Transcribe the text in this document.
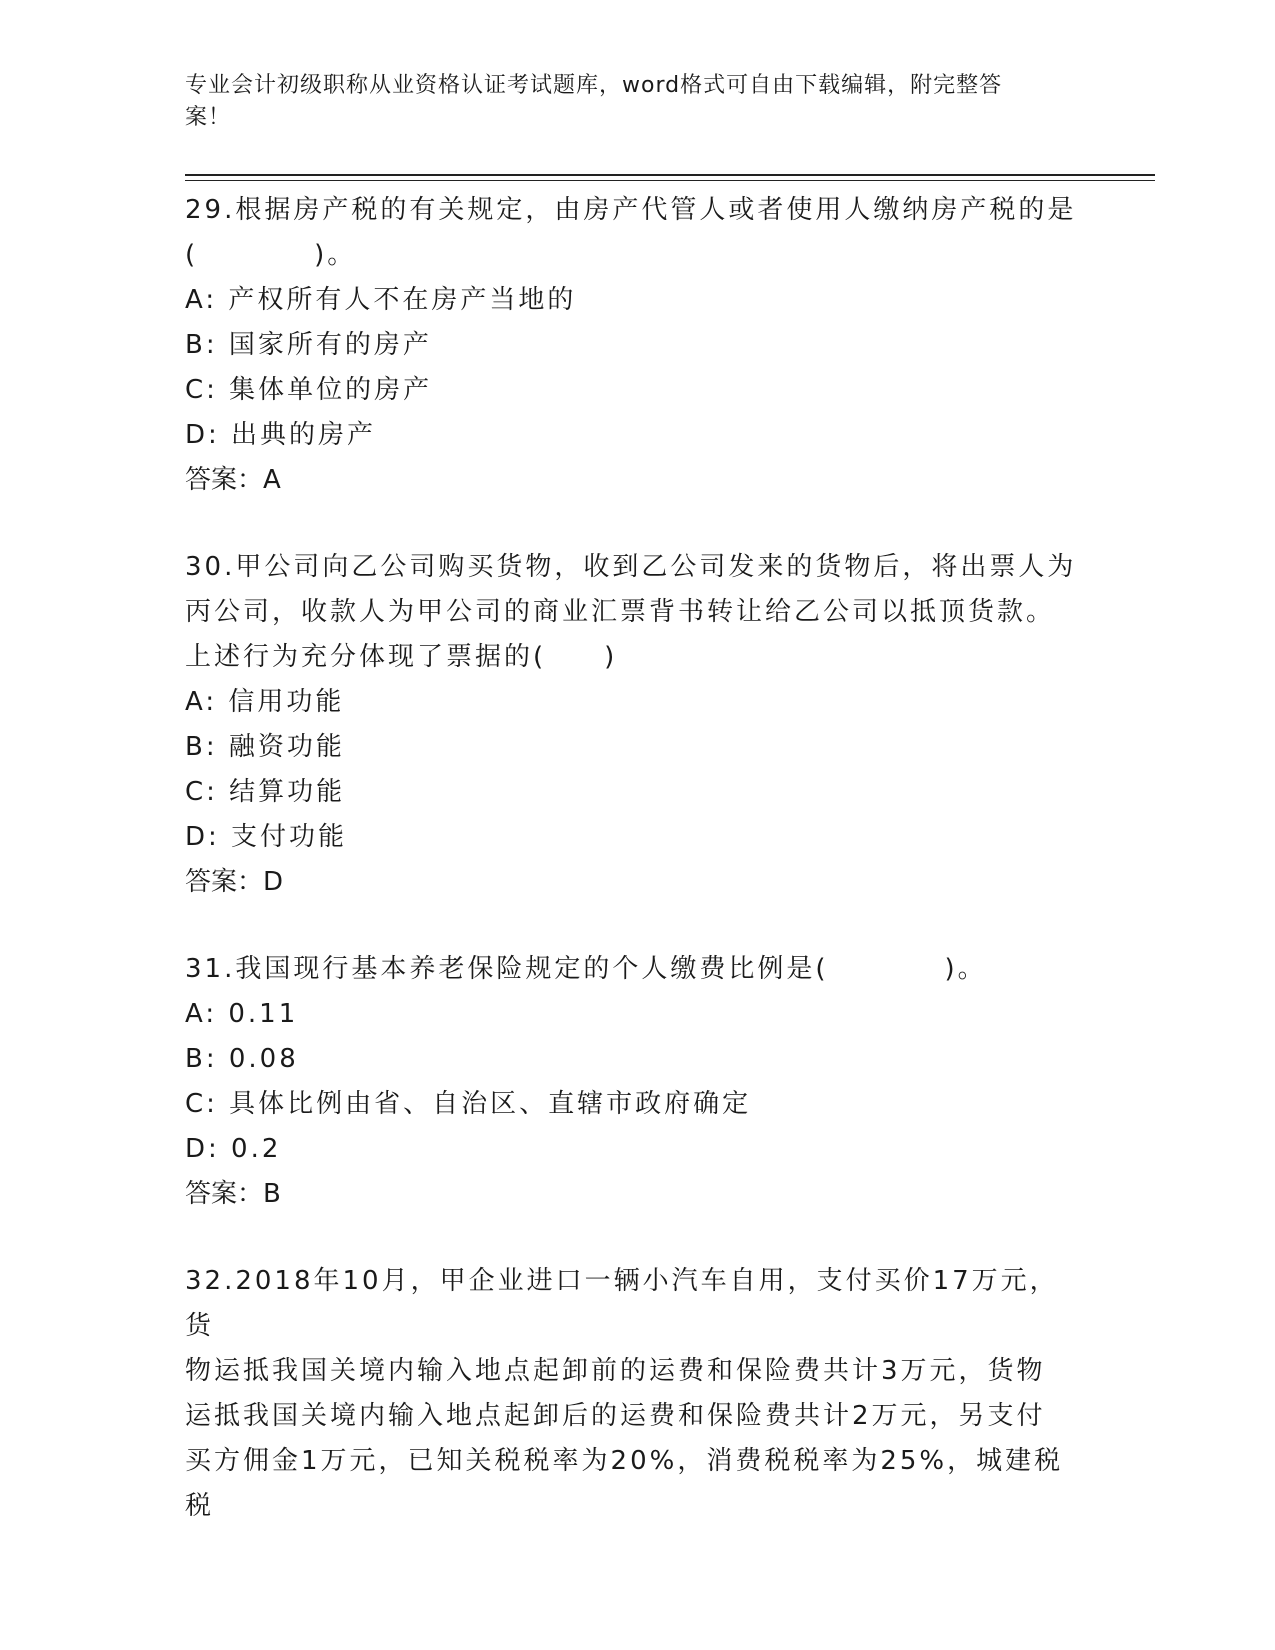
专业会计初级职称从业资格认证考试题库，word格式可自由下载编辑，附完整答
案！

29.根据房产税的有关规定，由房产代管人或者使用人缴纳房产税的是

(　　　　)。

A: 产权所有人不在房产当地的

B: 国家所有的房产

C: 集体单位的房产

D: 出典的房产

答案：A

30.甲公司向乙公司购买货物，收到乙公司发来的货物后，将出票人为

丙公司，收款人为甲公司的商业汇票背书转让给乙公司以抵顶货款。

上述行为充分体现了票据的(　　)

A: 信用功能

B: 融资功能

C: 结算功能

D: 支付功能

答案：D

31.我国现行基本养老保险规定的个人缴费比例是(　　　　)。

A: 0.11

B: 0.08

C: 具体比例由省、自治区、直辖市政府确定

D: 0.2

答案：B

32.2018年10月，甲企业进口一辆小汽车自用，支付买价17万元，货

物运抵我国关境内输入地点起卸前的运费和保险费共计3万元，货物

运抵我国关境内输入地点起卸后的运费和保险费共计2万元，另支付

买方佣金1万元，已知关税税率为20%，消费税税率为25%，城建税税
